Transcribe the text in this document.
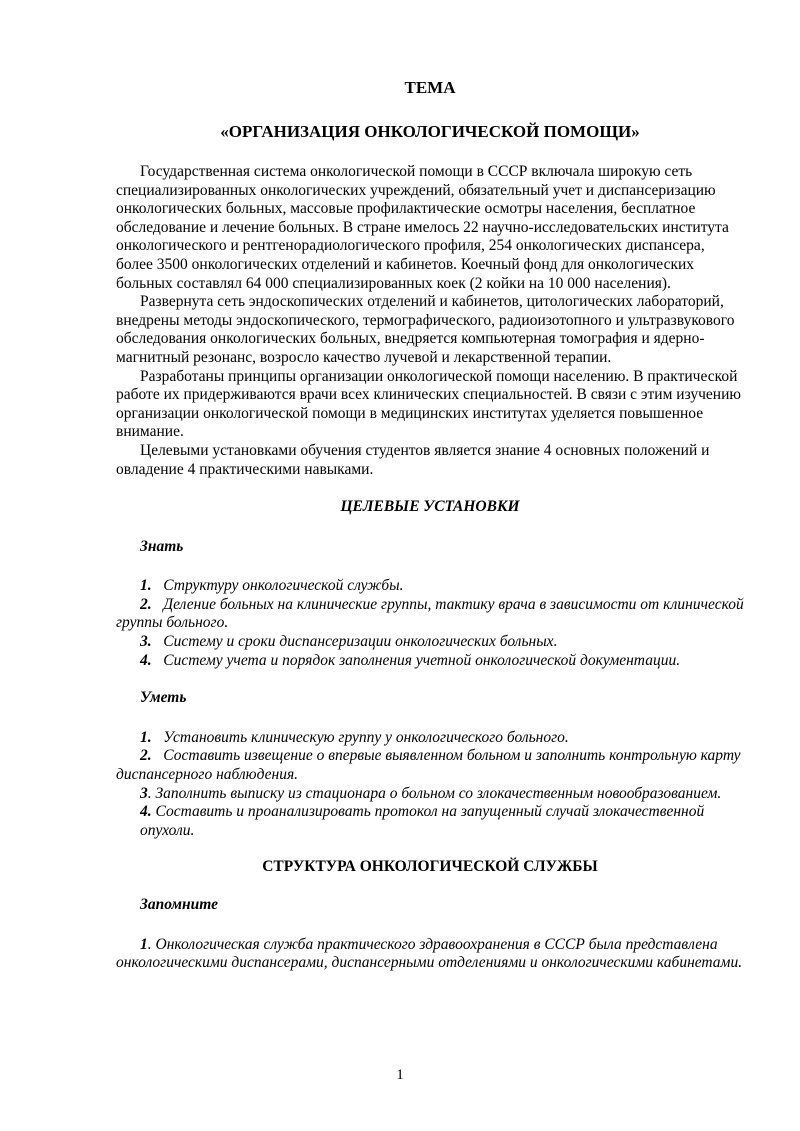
ТЕМА

«ОРГАНИЗАЦИЯ ОНКОЛОГИЧЕСКОЙ ПОМОЩИ»

Государственная система онкологической помощи в СССР включала широкую сеть специализированных онкологических учреждений, обязательный учет и диспансеризацию онкологических больных, массовые профилактические осмотры населения, бесплатное обследование и лечение больных. В стране имелось 22 научно-исследовательских института онкологического и рентгенорадиологического профиля, 254 онкологических диспансера, более 3500 онкологических отделений и кабинетов. Коечный фонд для онкологических больных составлял 64 000 специализированных коек (2 койки на 10 000 населения).

Развернута сеть эндоскопических отделений и кабинетов, цитологических лабораторий, внедрены методы эндоскопического, термографического, радиоизотопного и ультразвукового обследования онкологических больных, внедряется компьютерная томография и ядерно-магнитный резонанс, возросло качество лучевой и лекарственной терапии.

Разработаны принципы организации онкологической помощи населению. В практической работе их придерживаются врачи всех клинических специальностей. В связи с этим изучению организации онкологической помощи в медицинских институтах уделяется повышенное внимание.

Целевыми установками обучения студентов является знание 4 основных положений и овладение 4 практическими навыками.

ЦЕЛЕВЫЕ УСТАНОВКИ

Знать

1. Структуру онкологической службы.

2. Деление больных на клинические группы, тактику врача в зависимости от клинической группы больного.

3. Систему и сроки диспансеризации онкологических больных.

4. Систему учета и порядок заполнения учетной онкологической документации.

Уметь

1. Установить клиническую группу у онкологического больного.

2. Составить извещение о впервые выявленном больном и заполнить контрольную карту диспансерного наблюдения.

3. Заполнить выписку из стационара о больном со злокачественным новообразованием.

4. Составить и проанализировать протокол на запущенный случай злокачественной опухоли.

СТРУКТУРА ОНКОЛОГИЧЕСКОЙ СЛУЖБЫ

Запомните

1. Онкологическая служба практического здравоохранения в СССР была представлена онкологическими диспансерами, диспансерными отделениями и онкологическими кабинетами.

1
